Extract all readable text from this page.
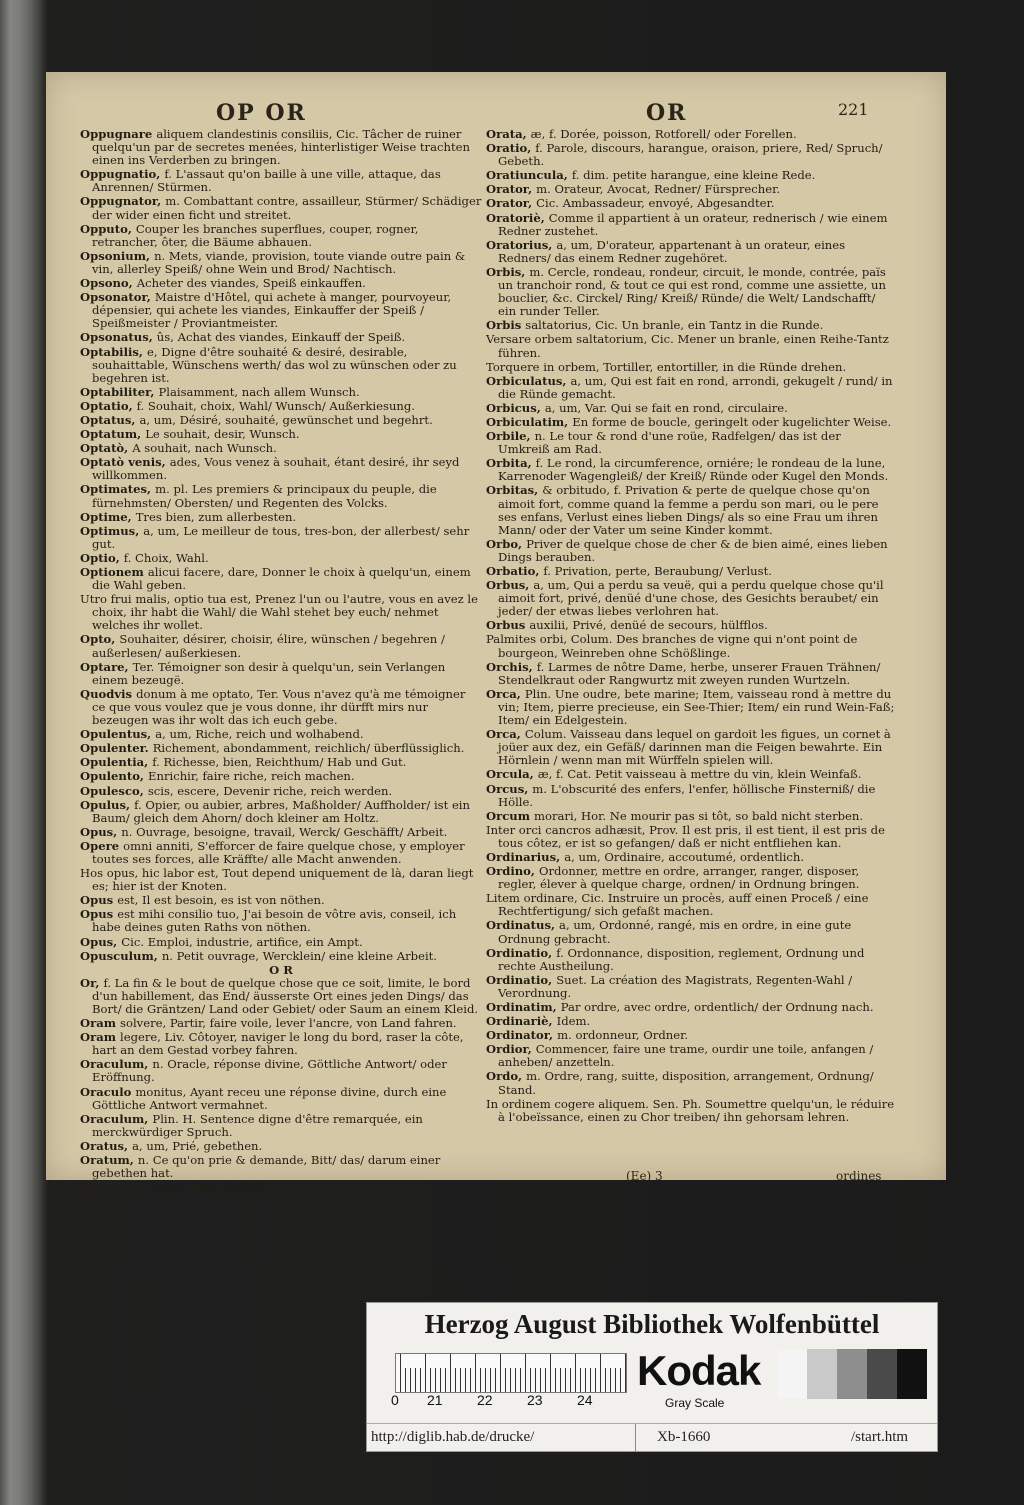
OP OR	OR	221
Oppugnare aliquem clandestinis consiliis, Cic. Tâcher de ruiner quelqu'un par de secretes menées, hinterlistiger Weise trachten einen ins Verderben zu bringen.
Oppugnatio, f. L'assaut qu'on baille à une ville, attaque, das Anrennen/ Stürmen.
Oppugnator, m. Combattant contre, assailleur, Stürmer/ Schädiger der wider einen ficht und streitet.
Opputo, Couper les branches superflues, couper, rogner, retrancher, ôter, die Bäume abhauen.
Opsonium, n. Mets, viande, provision, toute viande outre pain & vin, allerley Speiß/ ohne Wein und Brod/ Nachtisch.
Opsono, Acheter des viandes, Speiß einkauffen.
Opsonator, Maistre d'Hôtel, qui achete à manger, pourvoyeur, dépensier, qui achete les viandes, Einkauffer der Speiß / Speißmeister / Proviantmeister.
Opsonatus, ûs, Achat des viandes, Einkauff der Speiß.
Optabilis, e, Digne d'être souhaité & desiré, desirable, souhaittable, Wünschens werth/ das wol zu wünschen oder zu begehren ist.
Optabiliter, Plaisamment, nach allem Wunsch.
Optatio, f. Souhait, choix, Wahl/ Wunsch/ Außerkiesung.
Optatus, a, um, Désiré, souhaité, gewünschet und begehrt.
Optatum, Le souhait, desir, Wunsch.
Optatò, A souhait, nach Wunsch.
Optatò venis, ades, Vous venez à souhait, étant desiré, ihr seyd willkommen.
Optimates, m. pl. Les premiers & principaux du peuple, die fürnehmsten/ Obersten/ und Regenten des Volcks.
Optime, Tres bien, zum allerbesten.
Optimus, a, um, Le meilleur de tous, tres-bon, der allerbest/ sehr gut.
Optio, f. Choix, Wahl.
Optionem alicui facere, dare, Donner le choix à quelqu'un, einem die Wahl geben.
Utro frui malis, optio tua est, Prenez l'un ou l'autre, vous en avez le choix, ihr habt die Wahl/ die Wahl stehet bey euch/ nehmet welches ihr wollet.
Opto, Souhaiter, désirer, choisir, élire, wünschen / begehren / außerlesen/ außerkiesen.
Optare, Ter. Témoigner son desir à quelqu'un, sein Verlangen einem bezeugë.
Quodvis donum à me optato, Ter. Vous n'avez qu'à me témoigner ce que vous voulez que je vous donne, ihr dürfft mirs nur bezeugen was ihr wolt das ich euch gebe.
Opulentus, a, um, Riche, reich und wolhabend.
Opulenter. Richement, abondamment, reichlich/ überflüssiglich.
Opulentia, f. Richesse, bien, Reichthum/ Hab und Gut.
Opulento, Enrichir, faire riche, reich machen.
Opulesco, scis, escere, Devenir riche, reich werden.
Opulus, f. Opier, ou aubier, arbres, Maßholder/ Auffholder/ ist ein Baum/ gleich dem Ahorn/ doch kleiner am Holtz.
Opus, n. Ouvrage, besoigne, travail, Werck/ Geschäfft/ Arbeit.
Opere omni anniti, S'efforcer de faire quelque chose, y employer toutes ses forces, alle Kräffte/ alle Macht anwenden.
Hos opus, hic labor est, Tout depend uniquement de là, daran liegt es; hier ist der Knoten.
Opus est, Il est besoin, es ist von nöthen.
Opus est mihi consilio tuo, J'ai besoin de vôtre avis, conseil, ich habe deines guten Raths von nöthen.
Opus, Cic. Emploi, industrie, artifice, ein Ampt.
Opusculum, n. Petit ouvrage, Wercklein/ eine kleine Arbeit.
O R
Or, f. La fin & le bout de quelque chose que ce soit, limite, le bord d'un habillement, das End/ äusserste Ort eines jeden Dings/ das Bort/ die Gräntzen/ Land oder Gebiet/ oder Saum an einem Kleid.
Oram solvere, Partir, faire voile, lever l'ancre, von Land fahren.
Oram legere, Liv. Côtoyer, naviger le long du bord, raser la côte, hart an dem Gestad vorbey fahren.
Oraculum, n. Oracle, réponse divine, Göttliche Antwort/ oder Eröffnung.
Oraculo monitus, Ayant receu une réponse divine, durch eine Göttliche Antwort vermahnet.
Oraculum, Plin. H. Sentence digne d'être remarquée, ein merckwürdiger Spruch.
Oratus, a, um, Prié, gebethen.
Oratum, n. Ce qu'on prie & demande, Bitt/ das/ darum einer gebethen hat.
Oratus, m. Priere, Bitt/ Gebeth.
Orata, æ, f. Dorée, poisson, Rotforell/ oder Forellen.
Oratio, f. Parole, discours, harangue, oraison, priere, Red/ Spruch/ Gebeth.
Oratiuncula, f. dim. petite harangue, eine kleine Rede.
Orator, m. Orateur, Avocat, Redner/ Fürsprecher.
Orator, Cic. Ambassadeur, envoyé, Abgesandter.
Oratoriè, Comme il appartient à un orateur, rednerisch / wie einem Redner zustehet.
Oratorius, a, um, D'orateur, appartenant à un orateur, eines Redners/ das einem Redner zugehöret.
Orbis, m. Cercle, rondeau, rondeur, circuit, le monde, contrée, païs un tranchoir rond, & tout ce qui est rond, comme une assiette, un bouclier, &c. Circkel/ Ring/ Kreiß/ Ründe/ die Welt/ Landschafft/ ein runder Teller.
Orbis saltatorius, Cic. Un branle, ein Tantz in die Runde.
Versare orbem saltatorium, Cic. Mener un branle, einen Reihe-Tantz führen.
Torquere in orbem, Tortiller, entortiller, in die Ründe drehen.
Orbiculatus, a, um, Qui est fait en rond, arrondi, gekugelt / rund/ in die Ründe gemacht.
Orbicus, a, um, Var. Qui se fait en rond, circulaire.
Orbiculatim, En forme de boucle, geringelt oder kugelichter Weise.
Orbile, n. Le tour & rond d'une roüe, Radfelgen/ das ist der Umkreiß am Rad.
Orbita, f. Le rond, la circumference, orniére; le rondeau de la lune, Karrenoder Wagengleiß/ der Kreiß/ Ründe oder Kugel den Monds.
Orbitas, & orbitudo, f. Privation & perte de quelque chose qu'on aimoit fort, comme quand la femme a perdu son mari, ou le pere ses enfans, Verlust eines lieben Dings/ als so eine Frau um ihren Mann/ oder der Vater um seine Kinder kommt.
Orbo, Priver de quelque chose de cher & de bien aimé, eines lieben Dings berauben.
Orbatio, f. Privation, perte, Beraubung/ Verlust.
Orbus, a, um, Qui a perdu sa veuë, qui a perdu quelque chose qu'il aimoit fort, privé, denüé d'une chose, des Gesichts beraubet/ ein jeder/ der etwas liebes verlohren hat.
Orbus auxilii, Privé, denüé de secours, hülfflos.
Palmites orbi, Colum. Des branches de vigne qui n'ont point de bourgeon, Weinreben ohne Schößlinge.
Orchis, f. Larmes de nôtre Dame, herbe, unserer Frauen Trähnen/ Stendelkraut oder Rangwurtz mit zweyen runden Wurtzeln.
Orca, Plin. Une oudre, bete marine; Item, vaisseau rond à mettre du vin; Item, pierre precieuse, ein See-Thier; Item/ ein rund Wein-Faß; Item/ ein Edelgestein.
Orca, Colum. Vaisseau dans lequel on gardoit les figues, un cornet à joüer aux dez, ein Gefäß/ darinnen man die Feigen bewahrte. Ein Hörnlein / wenn man mit Würffeln spielen will.
Orcula, æ, f. Cat. Petit vaisseau à mettre du vin, klein Weinfaß.
Orcus, m. L'obscurité des enfers, l'enfer, höllische Finsterniß/ die Hölle.
Orcum morari, Hor. Ne mourir pas si tôt, so bald nicht sterben.
Inter orci cancros adhæsit, Prov. Il est pris, il est tient, il est pris de tous côtez, er ist so gefangen/ daß er nicht entfliehen kan.
Ordinarius, a, um, Ordinaire, accoutumé, ordentlich.
Ordino, Ordonner, mettre en ordre, arranger, ranger, disposer, regler, élever à quelque charge, ordnen/ in Ordnung bringen.
Litem ordinare, Cic. Instruire un procès, auff einen Proceß / eine Rechtfertigung/ sich gefaßt machen.
Ordinatus, a, um, Ordonné, rangé, mis en ordre, in eine gute Ordnung gebracht.
Ordinatio, f. Ordonnance, disposition, reglement, Ordnung und rechte Austheilung.
Ordinatio, Suet. La création des Magistrats, Regenten-Wahl / Verordnung.
Ordinatim, Par ordre, avec ordre, ordentlich/ der Ordnung nach.
Ordinariè, Idem.
Ordinator, m. ordonneur, Ordner.
Ordior, Commencer, faire une trame, ourdir une toile, anfangen / anheben/ anzetteln.
Ordo, m. Ordre, rang, suitte, disposition, arrangement, Ordnung/ Stand.
In ordinem cogere aliquem. Sen. Ph. Soumettre quelqu'un, le réduire à l'obeïssance, einen zu Chor treiben/ ihn gehorsam lehren.
(Ee) 3	ordines
Herzog August Bibliothek Wolfenbüttel
0 21 22 23 24
Kodak
Gray Scale
http://diglib.hab.de/drucke/	Xb-1660	/start.htm
